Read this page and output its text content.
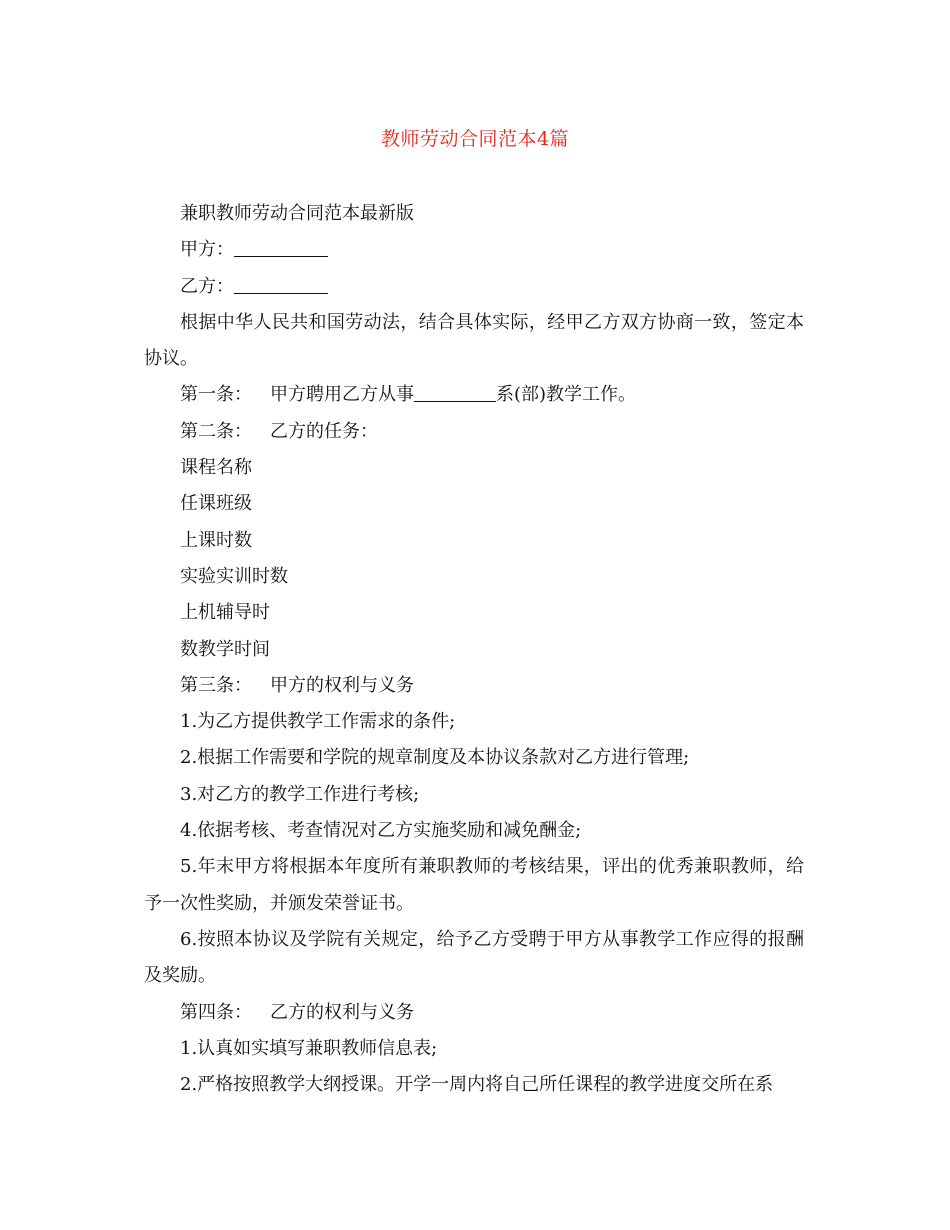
教师劳动合同范本4篇

兼职教师劳动合同范本最新版

甲方：

乙方：

根据中华人民共和国劳动法，结合具体实际，经甲乙方双方协商一致，签定本协议。

第一条： 甲方聘用乙方从事	系(部)教学工作。

第二条： 乙方的任务：

课程名称

任课班级

上课时数

实验实训时数

上机辅导时

数教学时间

第三条： 甲方的权利与义务

1.为乙方提供教学工作需求的条件;

2.根据工作需要和学院的规章制度及本协议条款对乙方进行管理;

3.对乙方的教学工作进行考核;

4.依据考核、考查情况对乙方实施奖励和减免酬金;

5.年末甲方将根据本年度所有兼职教师的考核结果，评出的优秀兼职教师，给予一次性奖励，并颁发荣誉证书。

6.按照本协议及学院有关规定，给予乙方受聘于甲方从事教学工作应得的报酬及奖励。

第四条： 乙方的权利与义务

1.认真如实填写兼职教师信息表;

2.严格按照教学大纲授课。开学一周内将自己所任课程的教学进度交所在系
